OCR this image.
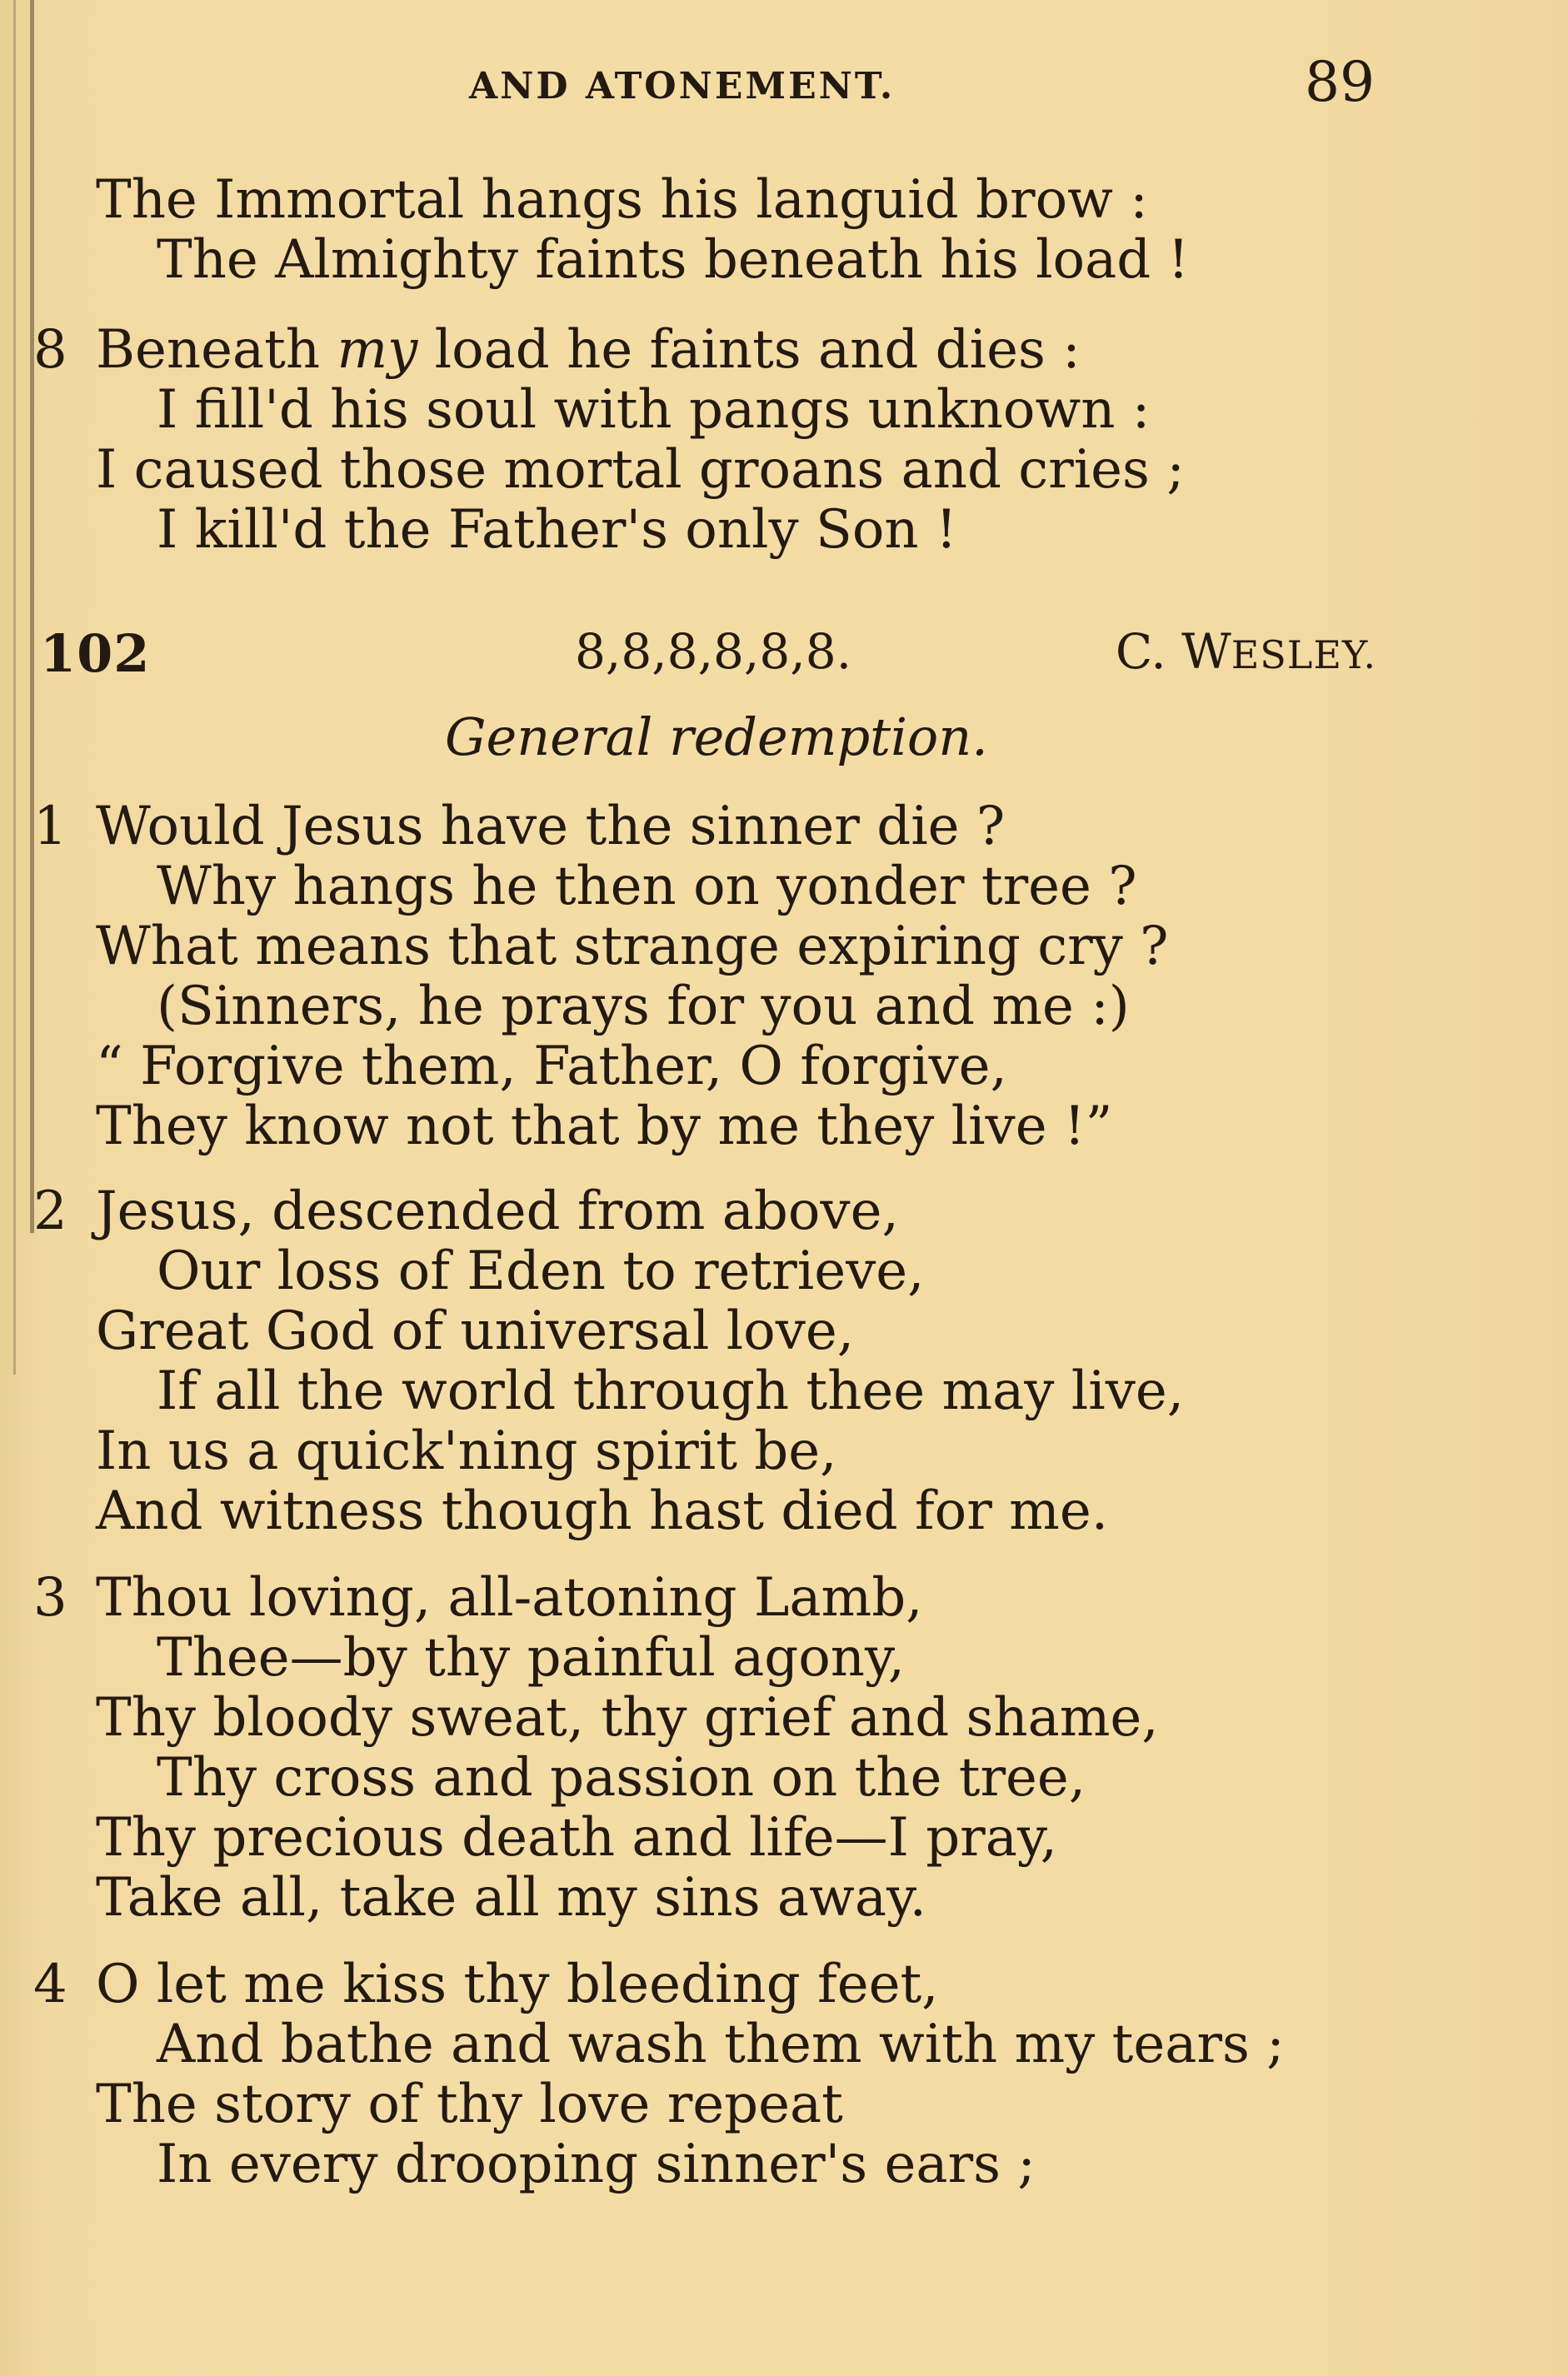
AND ATONEMENT.	89
The Immortal hangs his languid brow :
The Almighty faints beneath his load !
8 Beneath my load he faints and dies :
I fill'd his soul with pangs unknown :
I caused those mortal groans and cries ;
I kill'd the Father's only Son !
102	8,8,8,8,8,8.	C. WESLEY.
General redemption.
1 Would Jesus have the sinner die ?
Why hangs he then on yonder tree ?
What means that strange expiring cry ?
(Sinners, he prays for you and me :)
“ Forgive them, Father, O forgive,
They know not that by me they live !”
2 Jesus, descended from above,
Our loss of Eden to retrieve,
Great God of universal love,
If all the world through thee may live,
In us a quick'ning spirit be,
And witness though hast died for me.
3 Thou loving, all-atoning Lamb,
Thee—by thy painful agony,
Thy bloody sweat, thy grief and shame,
Thy cross and passion on the tree,
Thy precious death and life—I pray,
Take all, take all my sins away.
4 O let me kiss thy bleeding feet,
And bathe and wash them with my tears ;
The story of thy love repeat
In every drooping sinner's ears ;
